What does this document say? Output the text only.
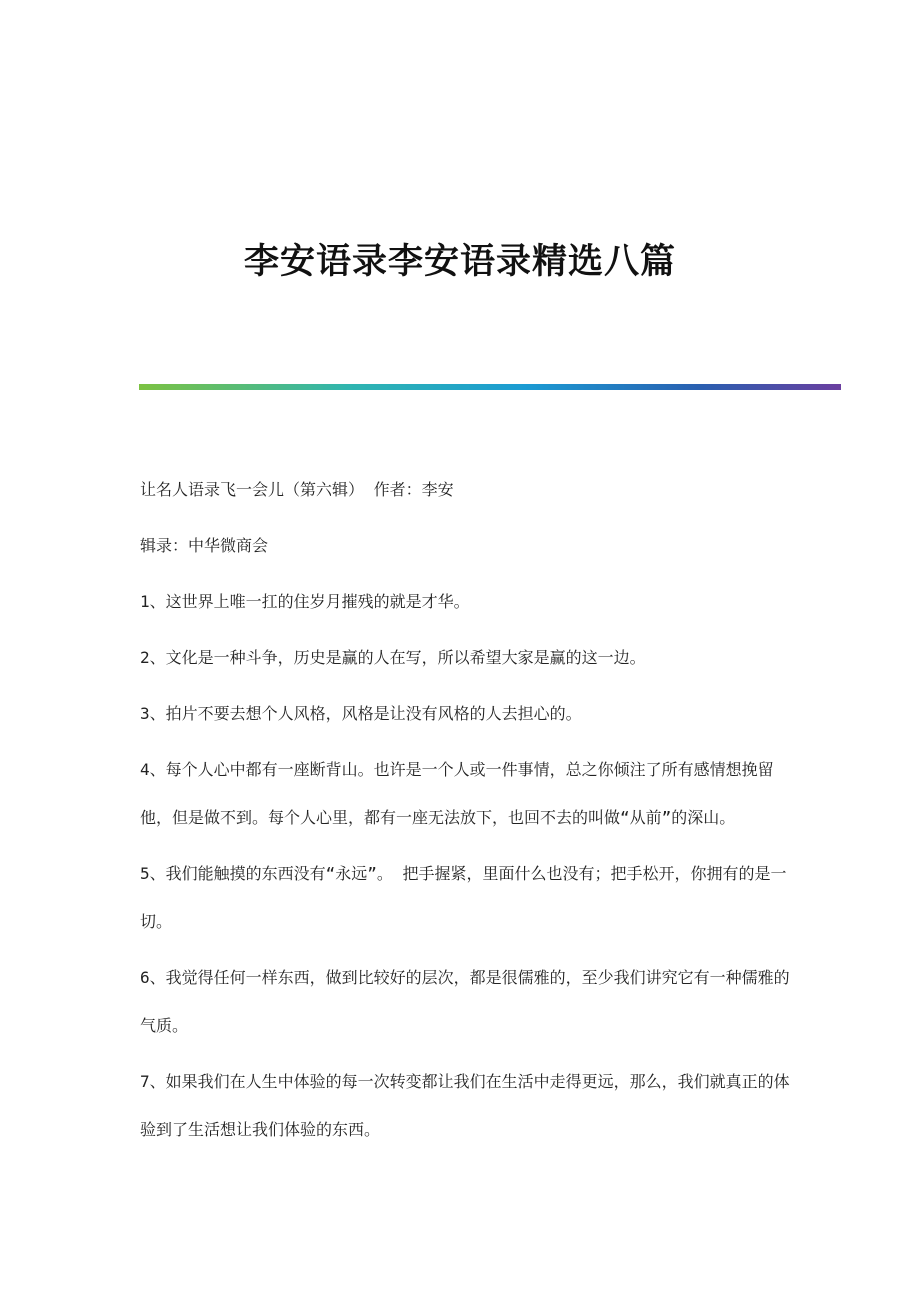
李安语录李安语录精选八篇

让名人语录飞一会儿（第六辑） 作者：李安

辑录：中华微商会

1、这世界上唯一扛的住岁月摧残的就是才华。

2、文化是一种斗争，历史是赢的人在写，所以希望大家是赢的这一边。

3、拍片不要去想个人风格，风格是让没有风格的人去担心的。

4、每个人心中都有一座断背山。也许是一个人或一件事情，总之你倾注了所有感情想挽留他，但是做不到。每个人心里，都有一座无法放下，也回不去的叫做“从前”的深山。

5、我们能触摸的东西没有“永远”。 把手握紧，里面什么也没有；把手松开，你拥有的是一切。

6、我觉得任何一样东西，做到比较好的层次，都是很儒雅的，至少我们讲究它有一种儒雅的气质。

7、如果我们在人生中体验的每一次转变都让我们在生活中走得更远，那么，我们就真正的体验到了生活想让我们体验的东西。
